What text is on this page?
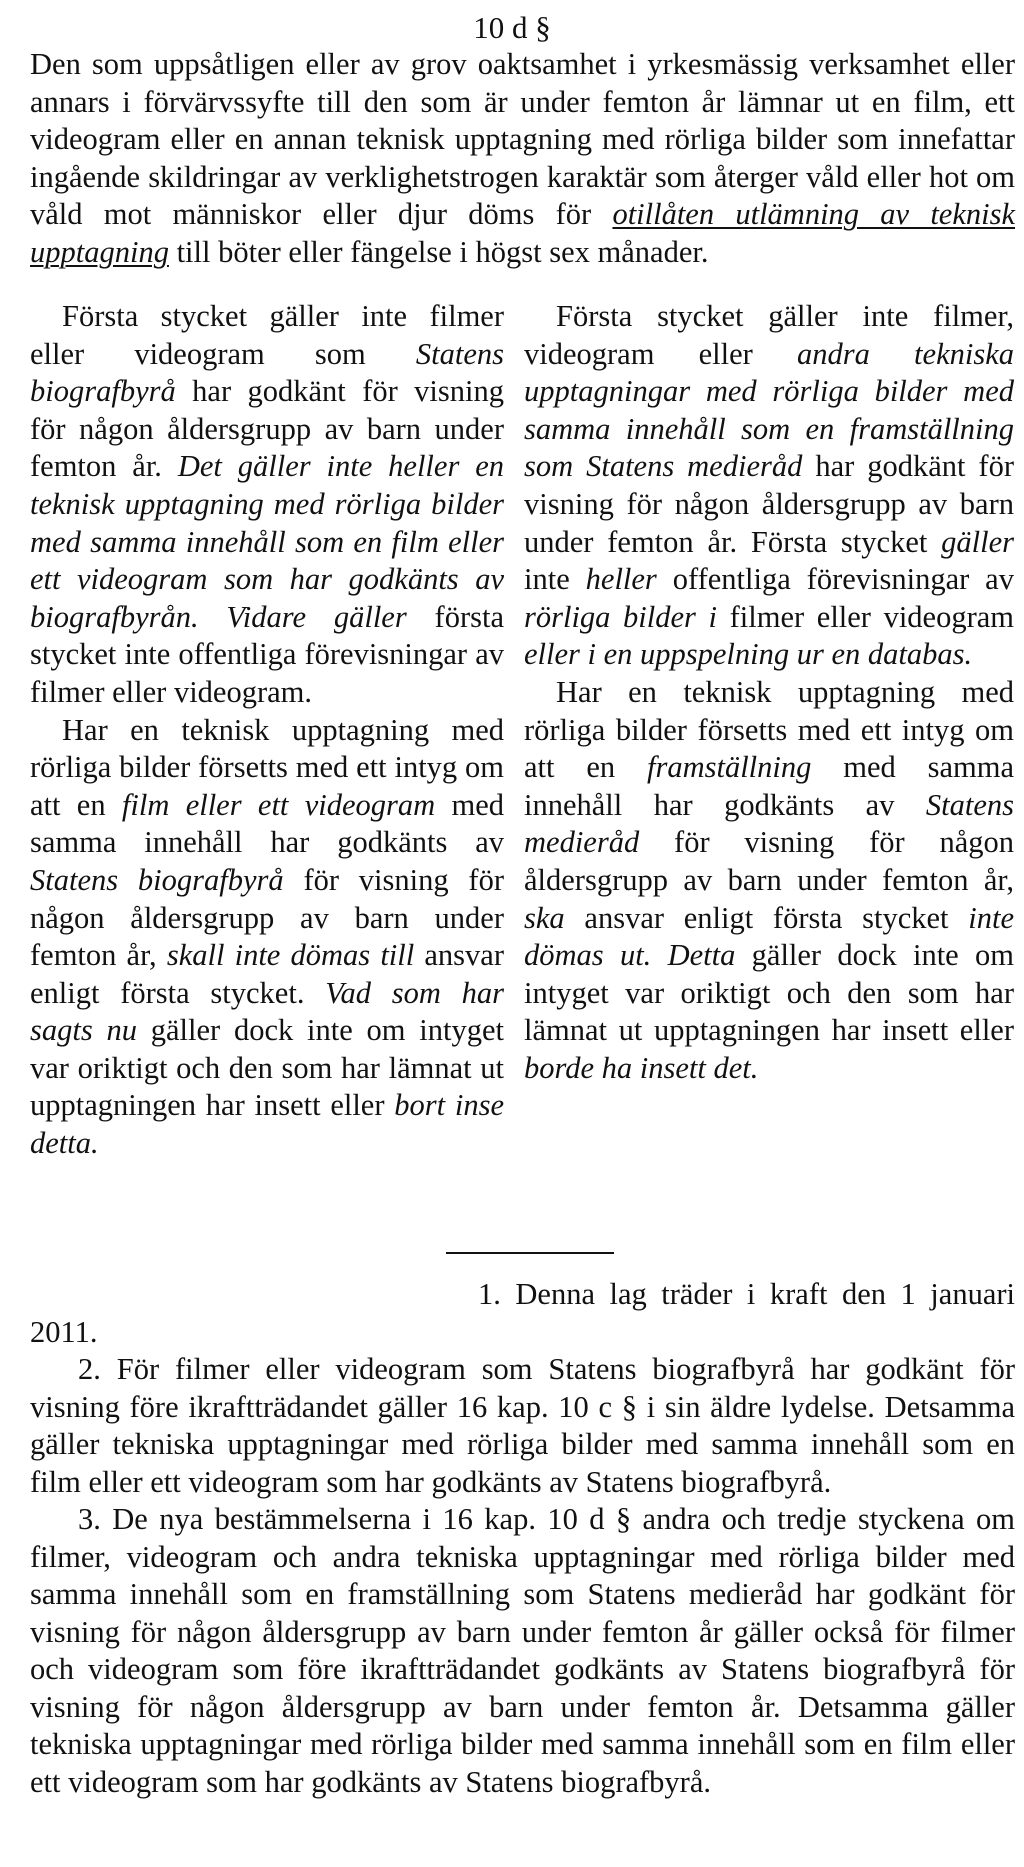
10 d §

Den som uppsåtligen eller av grov oaktsamhet i yrkesmässig verksamhet eller annars i förvärvssyfte till den som är under femton år lämnar ut en film, ett videogram eller en annan teknisk upptagning med rörliga bilder som innefattar ingående skildringar av verklighetstrogen karaktär som återger våld eller hot om våld mot människor eller djur döms för otillåten utlämning av teknisk upptagning till böter eller fängelse i högst sex månader.

Första stycket gäller inte filmer eller videogram som Statens biografbyrå har godkänt för visning för någon åldersgrupp av barn under femton år. Det gäller inte heller en teknisk upptagning med rörliga bilder med samma innehåll som en film eller ett videogram som har godkänts av biografbyrån. Vidare gäller första stycket inte offentliga förevisningar av filmer eller videogram.

Har en teknisk upptagning med rörliga bilder försetts med ett intyg om att en film eller ett videogram med samma innehåll har godkänts av Statens biografbyrå för visning för någon åldersgrupp av barn under femton år, skall inte dömas till ansvar enligt första stycket. Vad som har sagts nu gäller dock inte om intyget var oriktigt och den som har lämnat ut upptagningen har insett eller bort inse detta.

Första stycket gäller inte filmer, videogram eller andra tekniska upptagningar med rörliga bilder med samma innehåll som en framställning som Statens medieråd har godkänt för visning för någon åldersgrupp av barn under femton år. Första stycket gäller inte heller offentliga förevisningar av rörliga bilder i filmer eller videogram eller i en uppspelning ur en databas.

Har en teknisk upptagning med rörliga bilder försetts med ett intyg om att en framställning med samma innehåll har godkänts av Statens medieråd för visning för någon åldersgrupp av barn under femton år, ska ansvar enligt första stycket inte dömas ut. Detta gäller dock inte om intyget var oriktigt och den som har lämnat ut upptagningen har insett eller borde ha insett det.

1. Denna lag träder i kraft den 1 januari 2011.

2. För filmer eller videogram som Statens biografbyrå har godkänt för visning före ikraftträdandet gäller 16 kap. 10 c § i sin äldre lydelse. Detsamma gäller tekniska upptagningar med rörliga bilder med samma innehåll som en film eller ett videogram som har godkänts av Statens biografbyrå.

3. De nya bestämmelserna i 16 kap. 10 d § andra och tredje styckena om filmer, videogram och andra tekniska upptagningar med rörliga bilder med samma innehåll som en framställning som Statens medieråd har godkänt för visning för någon åldersgrupp av barn under femton år gäller också för filmer och videogram som före ikraftträdandet godkänts av Statens biografbyrå för visning för någon åldersgrupp av barn under femton år. Detsamma gäller tekniska upptagningar med rörliga bilder med samma innehåll som en film eller ett videogram som har godkänts av Statens biografbyrå.
